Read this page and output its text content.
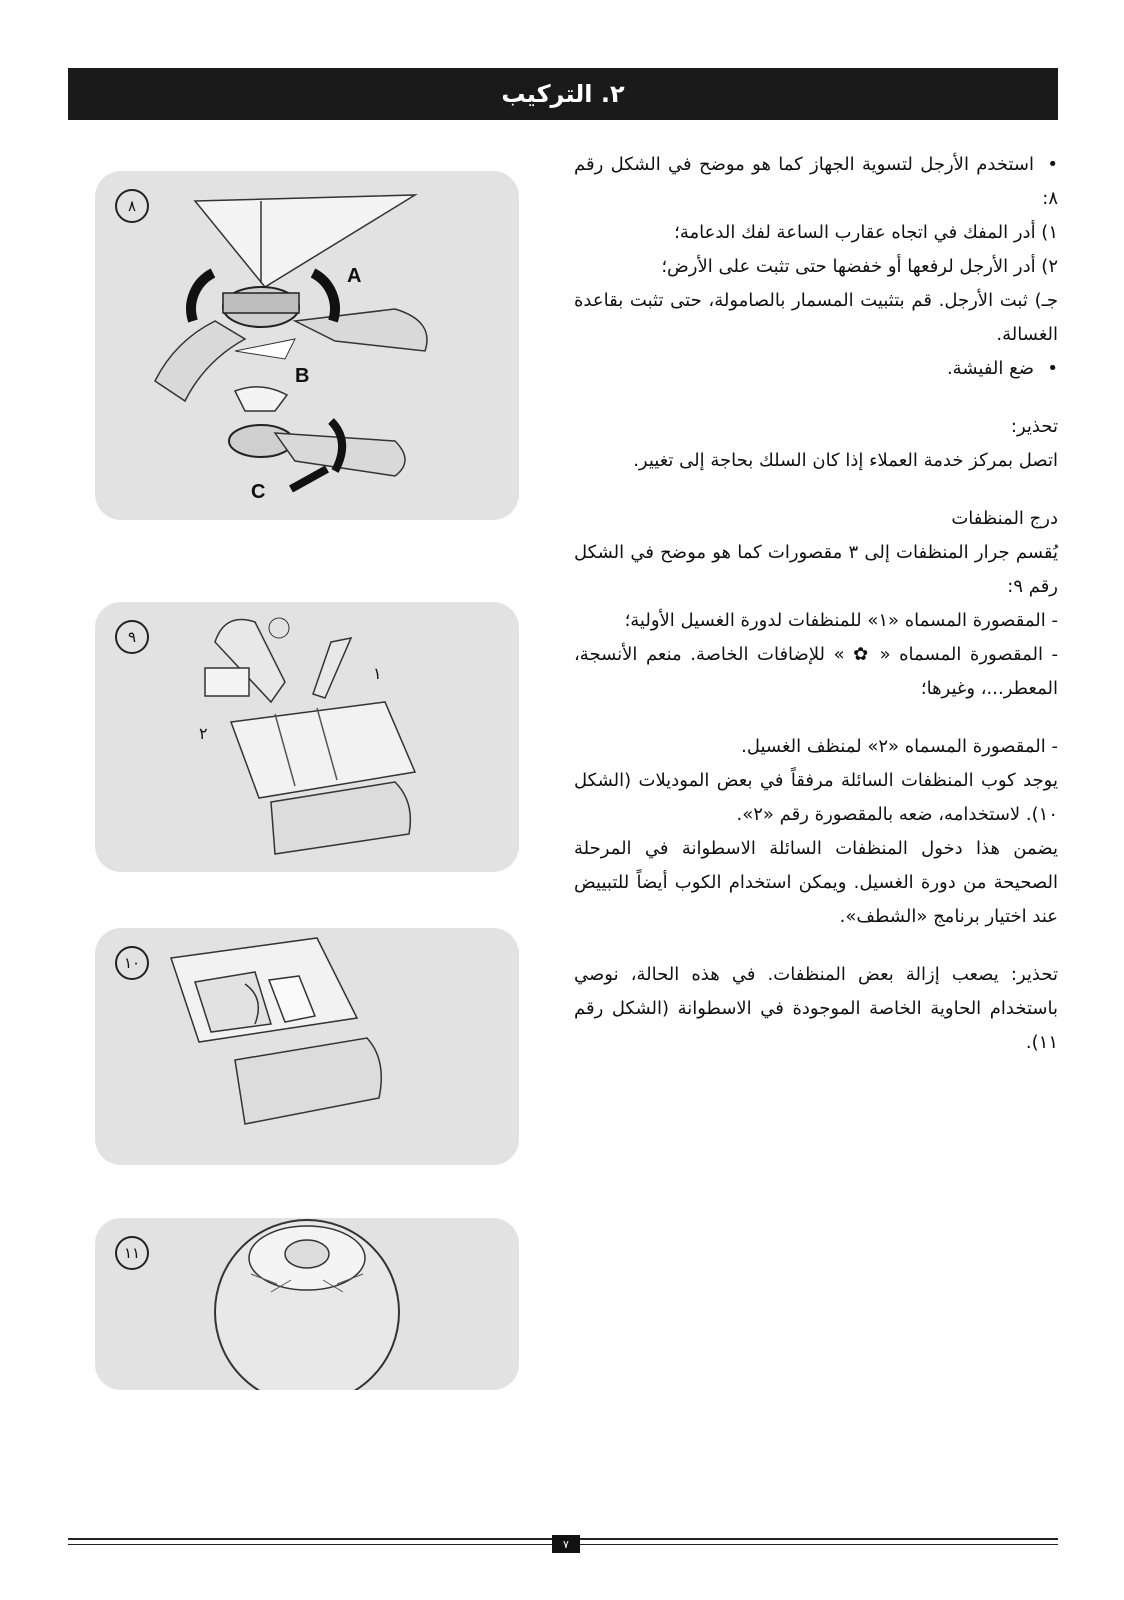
٢. التركيب

•استخدم الأرجل لتسوية الجهاز كما هو موضح في الشكل رقم ٨:

١) أدر المفك في اتجاه عقارب الساعة لفك الدعامة؛

٢) أدر الأرجل لرفعها أو خفضها حتى تثبت على الأرض؛

جـ) ثبت الأرجل. قم بتثبيت المسمار بالصامولة، حتى تثبت بقاعدة الغسالة.

•ضع الفيشة.

تحذير:

اتصل بمركز خدمة العملاء إذا كان السلك بحاجة إلى تغيير.

درج المنظفات

يُقسم جرار المنظفات إلى ٣ مقصورات كما هو موضح في الشكل رقم ٩:

- المقصورة المسماه «١» للمنظفات لدورة الغسيل الأولية؛

- المقصورة المسماه « ✿ » للإضافات الخاصة. منعم الأنسجة، المعطر...، وغيرها؛

- المقصورة المسماه «٢» لمنظف الغسيل.

يوجد كوب المنظفات السائلة مرفقاً في بعض الموديلات (الشكل ١٠). لاستخدامه، ضعه بالمقصورة رقم «٢».

يضمن هذا دخول المنظفات السائلة الاسطوانة في المرحلة الصحيحة من دورة الغسيل. ويمكن استخدام الكوب أيضاً للتبييض عند اختيار برنامج «الشطف».

تحذير: يصعب إزالة بعض المنظفات. في هذه الحالة، نوصي باستخدام الحاوية الخاصة الموجودة في الاسطوانة (الشكل رقم ١١).

٨
A
B
C
٩
١
٢
١٠
١١
٧
